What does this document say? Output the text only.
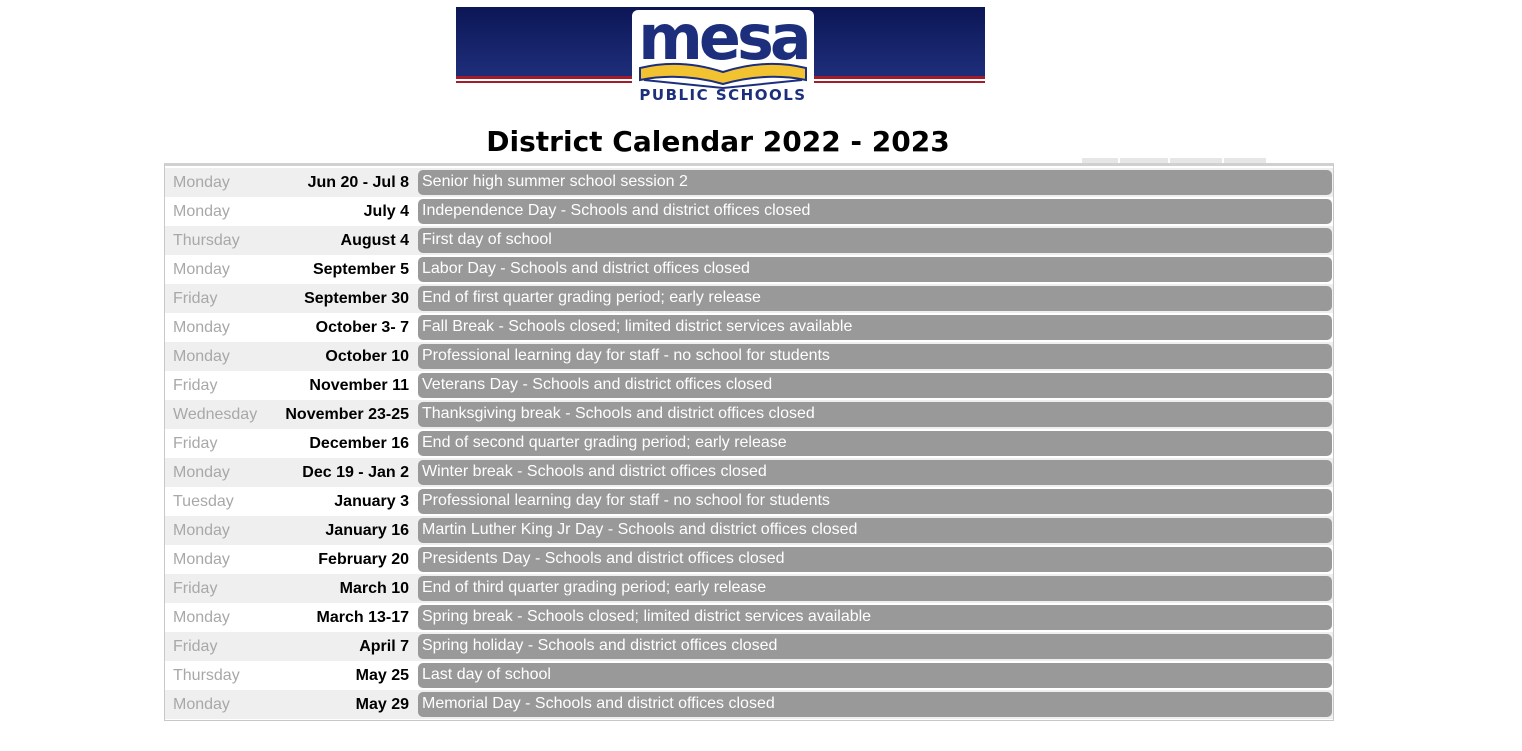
mesa
PUBLIC SCHOOLS
District Calendar 2022 - 2023
Monday	Jun 20 - Jul 8 Senior high summer school session 2
Monday	July 4 Independence Day - Schools and district offices closed
Thursday	August 4 First day of school
Monday	September 5 Labor Day - Schools and district offices closed
Friday	September 30 End of first quarter grading period; early release
Monday	October 3- 7 Fall Break - Schools closed; limited district services available
Monday	October 10 Professional learning day for staff - no school for students
Friday	November 11 Veterans Day - Schools and district offices closed
Wednesday November 23-25 Thanksgiving break - Schools and district offices closed
Friday	December 16 End of second quarter grading period; early release
Monday	Dec 19 - Jan 2 Winter break - Schools and district offices closed
Tuesday	January 3 Professional learning day for staff - no school for students
Monday	January 16 Martin Luther King Jr Day - Schools and district offices closed
Monday	February 20 Presidents Day - Schools and district offices closed
Friday	March 10 End of third quarter grading period; early release
Monday	March 13-17 Spring break - Schools closed; limited district services available
Friday	April 7 Spring holiday - Schools and district offices closed
Thursday	May 25 Last day of school
Monday	May 29 Memorial Day - Schools and district offices closed
